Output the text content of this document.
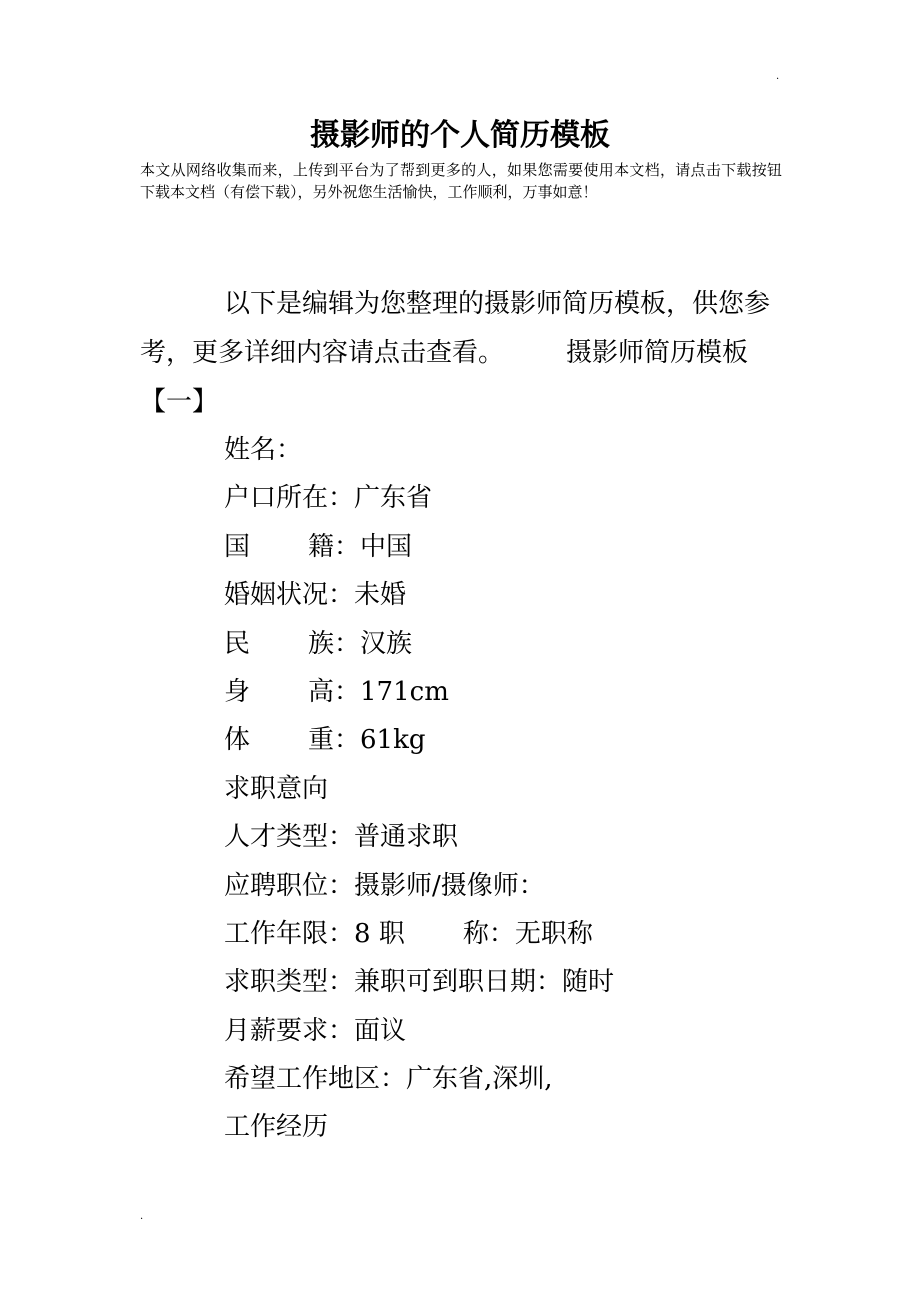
.
摄影师的个人简历模板
本文从网络收集而来，上传到平台为了帮到更多的人，如果您需要使用本文档，请点击下载按钮下载本文档（有偿下载），另外祝您生活愉快，工作顺利，万事如意！

以下是编辑为您整理的摄影师简历模板，供您参考，更多详细内容请点击查看。 摄影师简历模板【一】

姓名：
户口所在：广东省
国 籍：中国
婚姻状况：未婚
民 族：汉族
身 高：171cm
体 重：61kg
求职意向
人才类型：普通求职
应聘职位：摄影师/摄像师：
工作年限：8 职 称：无职称
求职类型：兼职可到职日期：随时
月薪要求：面议
希望工作地区：广东省,深圳,
工作经历
.
